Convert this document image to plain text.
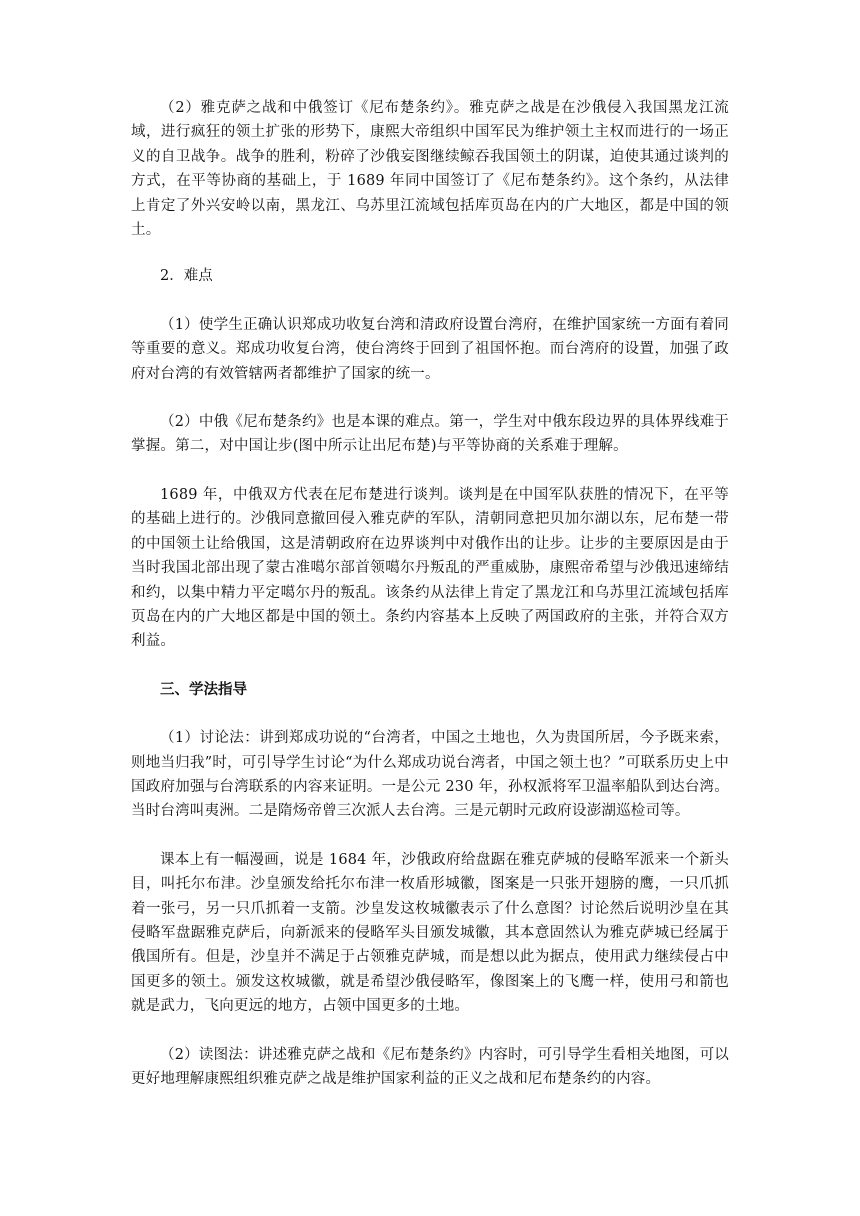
（2）雅克萨之战和中俄签订《尼布楚条约》。雅克萨之战是在沙俄侵入我国黑龙江流域，进行疯狂的领土扩张的形势下，康熙大帝组织中国军民为维护领土主权而进行的一场正义的自卫战争。战争的胜利，粉碎了沙俄妄图继续鲸吞我国领土的阴谋，迫使其通过谈判的方式，在平等协商的基础上，于 1689 年同中国签订了《尼布楚条约》。这个条约，从法律上肯定了外兴安岭以南，黑龙江、乌苏里江流域包括库页岛在内的广大地区，都是中国的领土。

2．难点

（1）使学生正确认识郑成功收复台湾和清政府设置台湾府，在维护国家统一方面有着同等重要的意义。郑成功收复台湾，使台湾终于回到了祖国怀抱。而台湾府的设置，加强了政府对台湾的有效管辖两者都维护了国家的统一。

（2）中俄《尼布楚条约》也是本课的难点。第一，学生对中俄东段边界的具体界线难于掌握。第二，对中国让步(图中所示让出尼布楚)与平等协商的关系难于理解。

1689 年，中俄双方代表在尼布楚进行谈判。谈判是在中国军队获胜的情况下，在平等的基础上进行的。沙俄同意撤回侵入雅克萨的军队，清朝同意把贝加尔湖以东，尼布楚一带的中国领土让给俄国，这是清朝政府在边界谈判中对俄作出的让步。让步的主要原因是由于当时我国北部出现了蒙古准噶尔部首领噶尔丹叛乱的严重威胁，康熙帝希望与沙俄迅速缔结和约，以集中精力平定噶尔丹的叛乱。该条约从法律上肯定了黑龙江和乌苏里江流域包括库页岛在内的广大地区都是中国的领土。条约内容基本上反映了两国政府的主张，并符合双方利益。

三、学法指导

（1）讨论法：讲到郑成功说的“台湾者，中国之土地也，久为贵国所居，今予既来索，则地当归我”时，可引导学生讨论“为什么郑成功说台湾者，中国之领土也？”可联系历史上中国政府加强与台湾联系的内容来证明。一是公元 230 年，孙权派将军卫温率船队到达台湾。当时台湾叫夷洲。二是隋炀帝曾三次派人去台湾。三是元朝时元政府设澎湖巡检司等。

课本上有一幅漫画，说是 1684 年，沙俄政府给盘踞在雅克萨城的侵略军派来一个新头目，叫托尔布津。沙皇颁发给托尔布津一枚盾形城徽，图案是一只张开翅膀的鹰，一只爪抓着一张弓，另一只爪抓着一支箭。沙皇发这枚城徽表示了什么意图？讨论然后说明沙皇在其侵略军盘踞雅克萨后，向新派来的侵略军头目颁发城徽，其本意固然认为雅克萨城已经属于俄国所有。但是，沙皇并不满足于占领雅克萨城，而是想以此为据点，使用武力继续侵占中国更多的领土。颁发这枚城徽，就是希望沙俄侵略军，像图案上的飞鹰一样，使用弓和箭也就是武力，飞向更远的地方，占领中国更多的土地。

（2）读图法：讲述雅克萨之战和《尼布楚条约》内容时，可引导学生看相关地图，可以更好地理解康熙组织雅克萨之战是维护国家利益的正义之战和尼布楚条约的内容。
